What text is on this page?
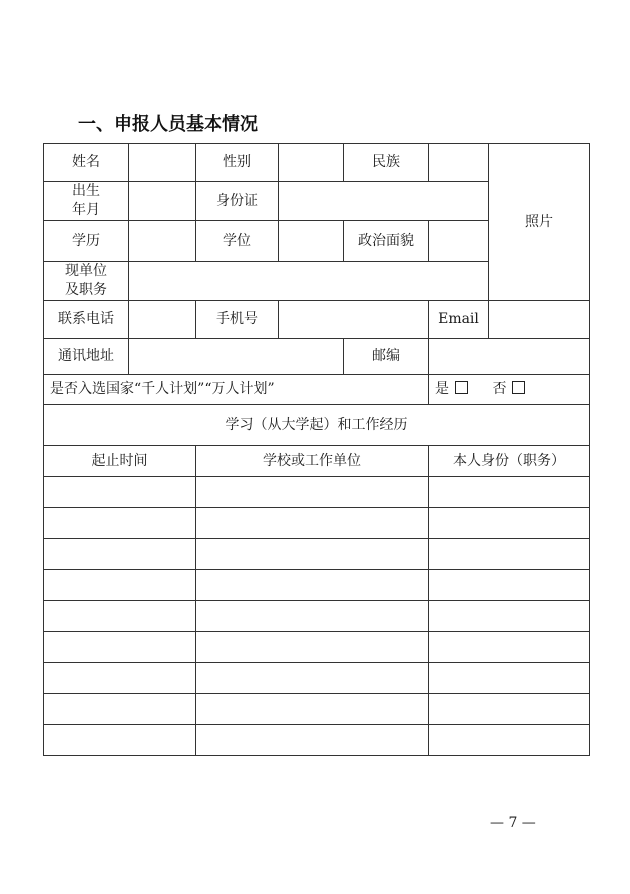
一、申报人员基本情况
姓名		性别		民族		照片
出生
年月		身份证				
学历		学位		政治面貌		
现单位
及职务						
联系电话		手机号			Email	
通讯地址				邮编		
是否入选国家“千人计划”“万人计划”					是 否	
学习（从大学起）和工作经历						
起止时间		学校或工作单位			本人身份（职务）	

— 7 —
